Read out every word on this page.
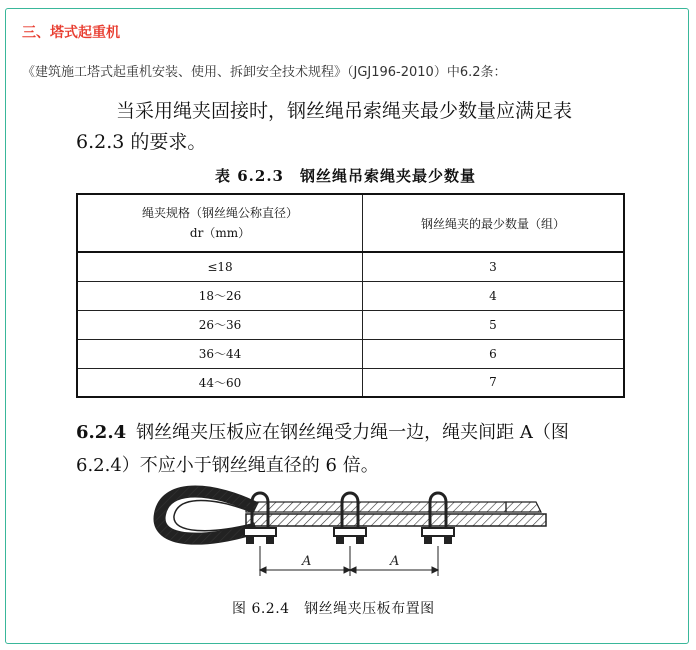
三、塔式起重机
《建筑施工塔式起重机安装、使用、拆卸安全技术规程》（JGJ196-2010）中6.2条：
当采用绳夹固接时，钢丝绳吊索绳夹最少数量应满足表
6.2.3 的要求。
表 6.2.3　钢丝绳吊索绳夹最少数量
绳夹规格（钢丝绳公称直径）
dr（mm）	钢丝绳夹的最少数量（组）
≤18	3
18～26	4
26～36	5
36～44	6
44～60	7
6.2.4 钢丝绳夹压板应在钢丝绳受力绳一边，绳夹间距 A（图
6.2.4）不应小于钢丝绳直径的 6 倍。
A	A
图 6.2.4　钢丝绳夹压板布置图
